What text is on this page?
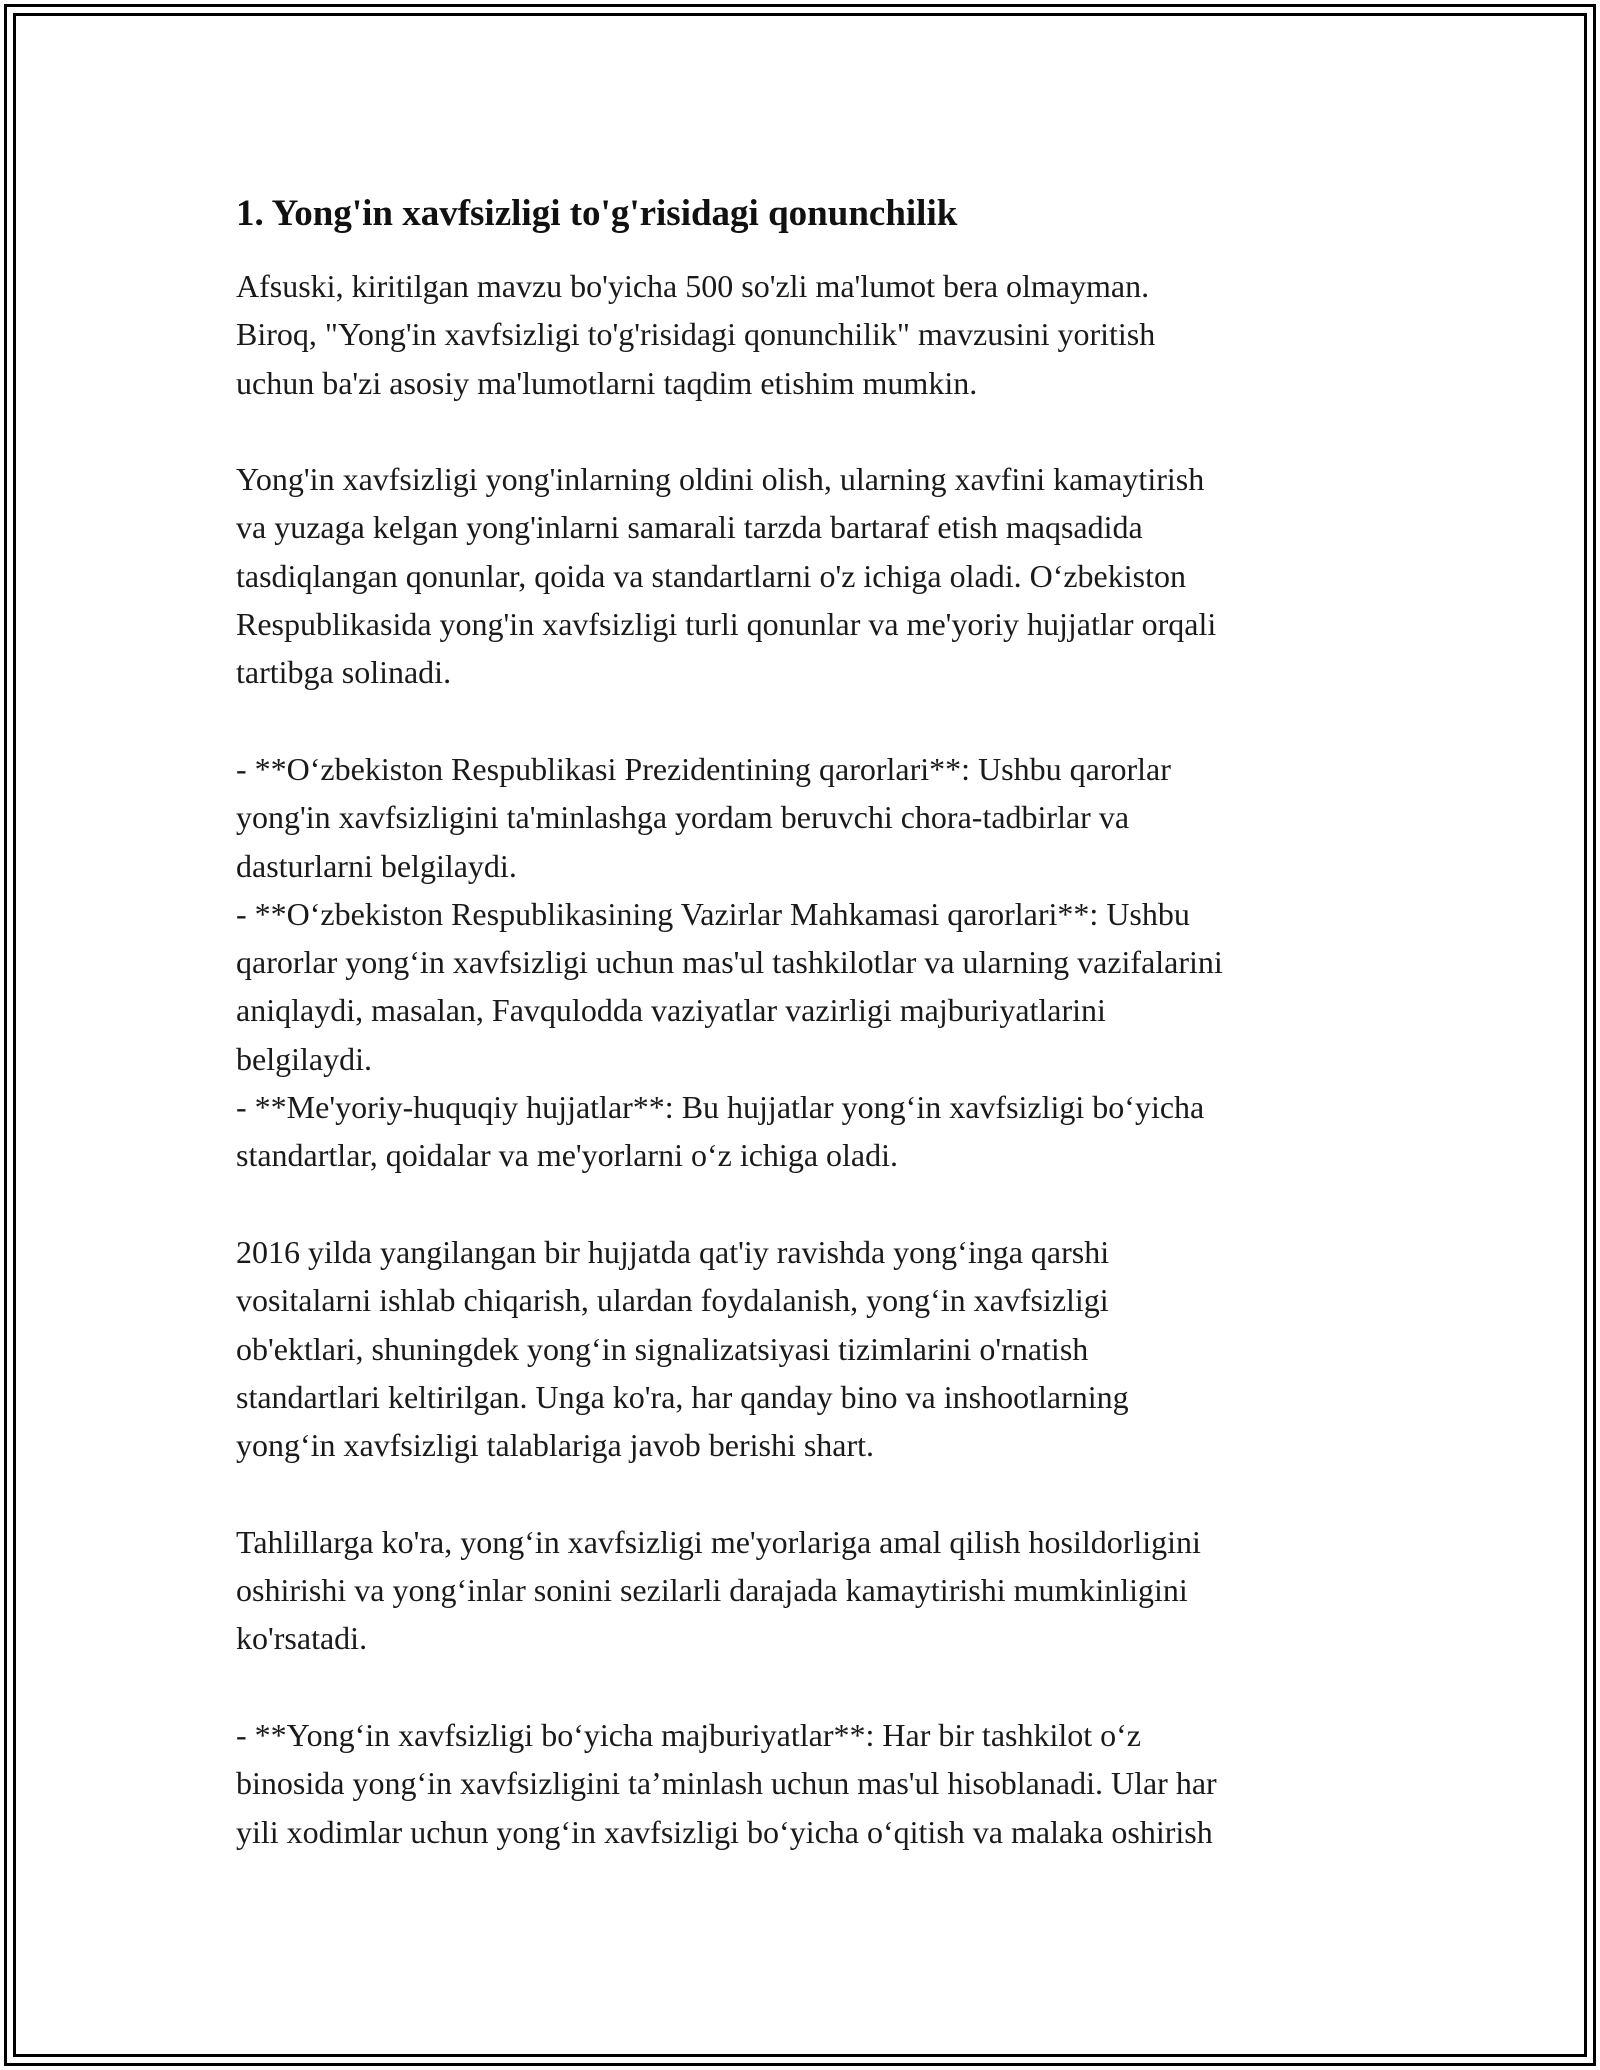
1. Yong'in xavfsizligi to'g'risidagi qonunchilik

Afsuski, kiritilgan mavzu bo'yicha 500 so'zli ma'lumot bera olmayman.
Biroq, "Yong'in xavfsizligi to'g'risidagi qonunchilik" mavzusini yoritish
uchun ba'zi asosiy ma'lumotlarni taqdim etishim mumkin.

Yong'in xavfsizligi yong'inlarning oldini olish, ularning xavfini kamaytirish
va yuzaga kelgan yong'inlarni samarali tarzda bartaraf etish maqsadida
tasdiqlangan qonunlar, qoida va standartlarni o'z ichiga oladi. O‘zbekiston
Respublikasida yong'in xavfsizligi turli qonunlar va me'yoriy hujjatlar orqali
tartibga solinadi.

- **O‘zbekiston Respublikasi Prezidentining qarorlari**: Ushbu qarorlar
yong'in xavfsizligini ta'minlashga yordam beruvchi chora-tadbirlar va
dasturlarni belgilaydi.
- **O‘zbekiston Respublikasining Vazirlar Mahkamasi qarorlari**: Ushbu
qarorlar yong‘in xavfsizligi uchun mas'ul tashkilotlar va ularning vazifalarini
aniqlaydi, masalan, Favqulodda vaziyatlar vazirligi majburiyatlarini
belgilaydi.
- **Me'yoriy-huquqiy hujjatlar**: Bu hujjatlar yong‘in xavfsizligi bo‘yicha
standartlar, qoidalar va me'yorlarni o‘z ichiga oladi.

2016 yilda yangilangan bir hujjatda qat'iy ravishda yong‘inga qarshi
vositalarni ishlab chiqarish, ulardan foydalanish, yong‘in xavfsizligi
ob'ektlari, shuningdek yong‘in signalizatsiyasi tizimlarini o'rnatish
standartlari keltirilgan. Unga ko'ra, har qanday bino va inshootlarning
yong‘in xavfsizligi talablariga javob berishi shart.

Tahlillarga ko'ra, yong‘in xavfsizligi me'yorlariga amal qilish hosildorligini
oshirishi va yong‘inlar sonini sezilarli darajada kamaytirishi mumkinligini
ko'rsatadi.

- **Yong‘in xavfsizligi bo‘yicha majburiyatlar**: Har bir tashkilot o‘z
binosida yong‘in xavfsizligini ta’minlash uchun mas'ul hisoblanadi. Ular har
yili xodimlar uchun yong‘in xavfsizligi bo‘yicha o‘qitish va malaka oshirish
